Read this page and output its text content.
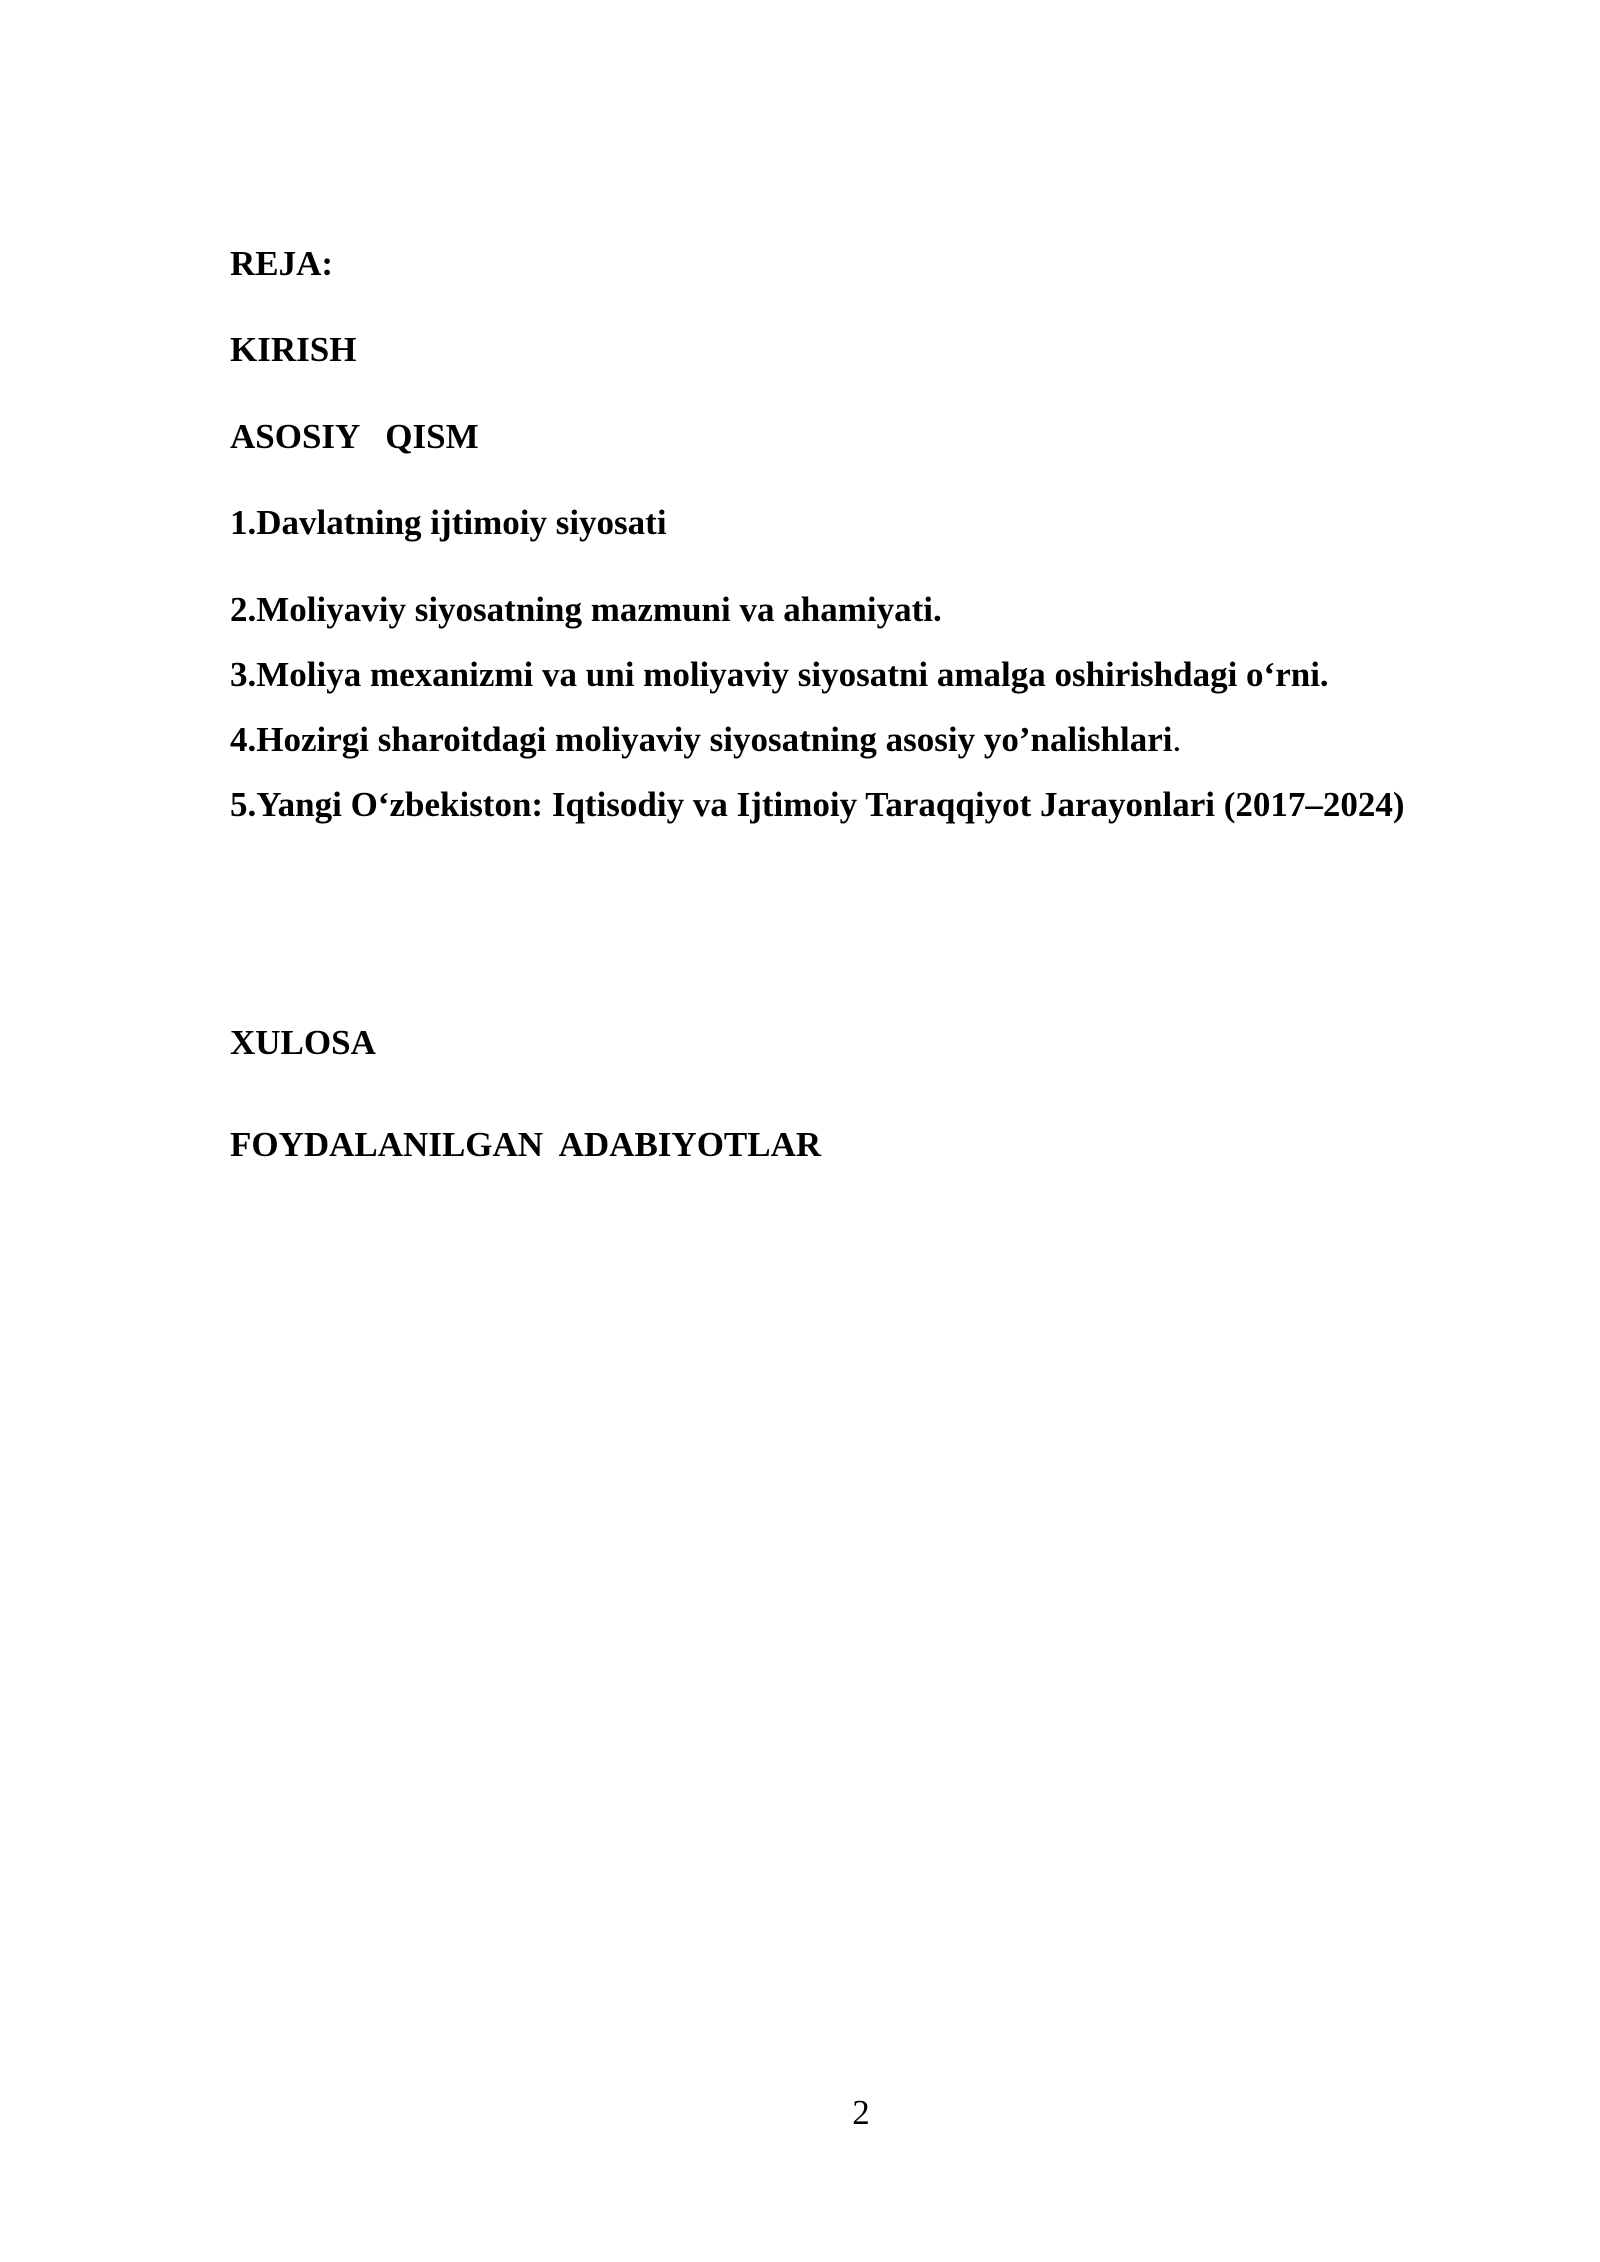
REJA:

KIRISH

ASOSIY   QISM

1.Davlatning ijtimoiy siyosati

2.Moliyaviy siyosatning mazmuni va ahamiyati.

3.Moliya mexanizmi va uni moliyaviy siyosatni amalga oshirishdagi o‘rni.

4.Hozirgi sharoitdagi moliyaviy siyosatning asosiy yo’nalishlari.

5.Yangi O‘zbekiston: Iqtisodiy va Ijtimoiy Taraqqiyot Jarayonlari (2017–2024)

XULOSA

FOYDALANILGAN  ADABIYOTLAR

2
